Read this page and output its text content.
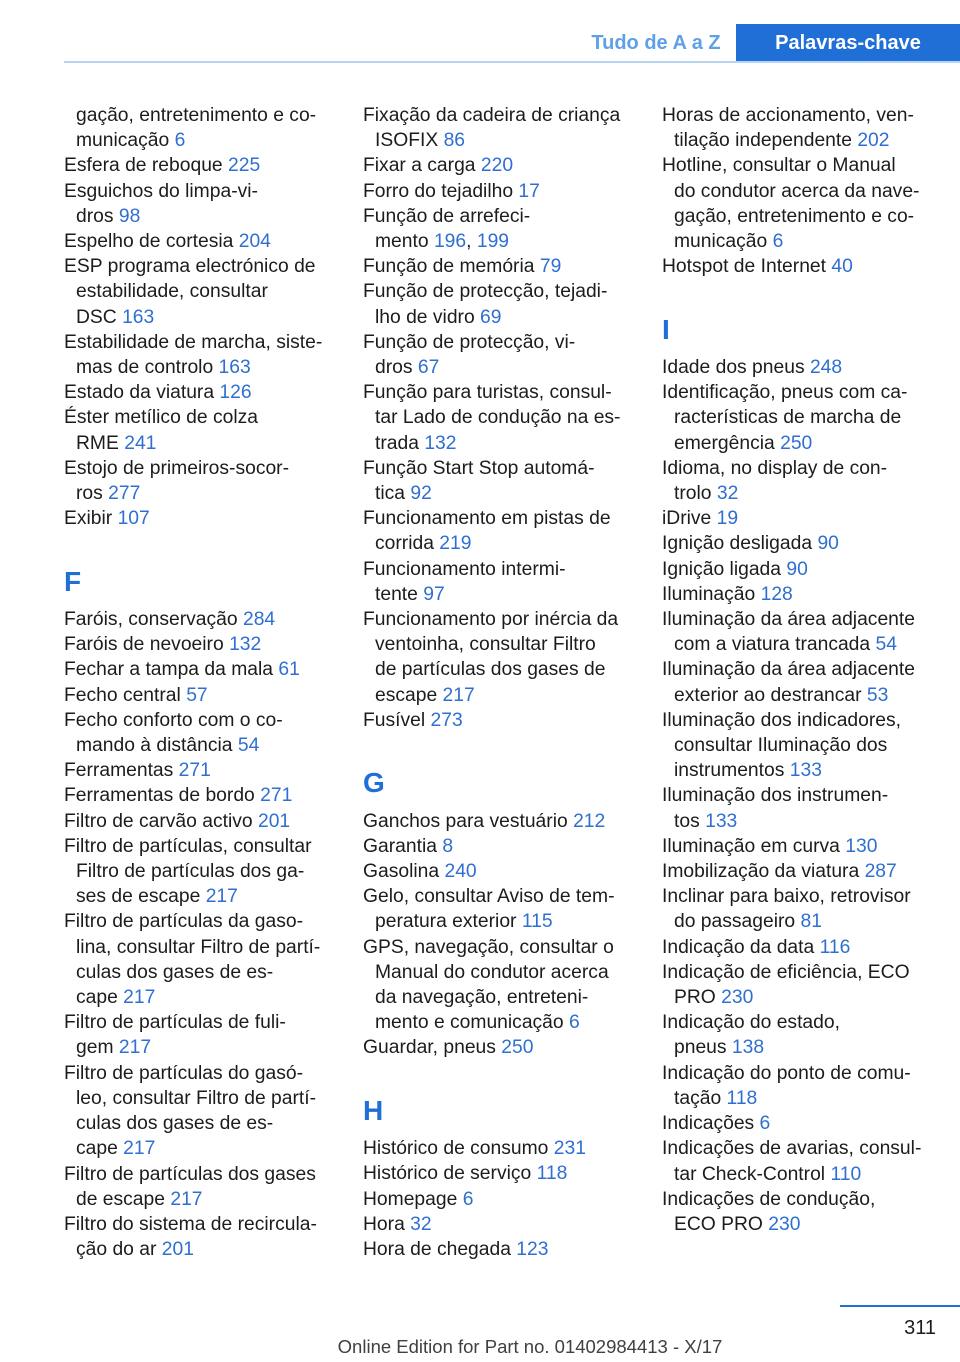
Tudo de A a Z	Palavras-chave

gação, entretenimento e co-
municação 6

Esfera de reboque 225

Esguichos do limpa-vi-
dros 98

Espelho de cortesia 204

ESP programa electrónico de
estabilidade, consultar
DSC 163

Estabilidade de marcha, siste-
mas de controlo 163

Estado da viatura 126

Éster metílico de colza
RME 241

Estojo de primeiros-socor-
ros 277

Exibir 107

F

Faróis, conservação 284

Faróis de nevoeiro 132

Fechar a tampa da mala 61

Fecho central 57

Fecho conforto com o co-
mando à distância 54

Ferramentas 271

Ferramentas de bordo 271

Filtro de carvão activo 201

Filtro de partículas, consultar
Filtro de partículas dos ga-
ses de escape 217

Filtro de partículas da gaso-
lina, consultar Filtro de partí-
culas dos gases de es-
cape 217

Filtro de partículas de fuli-
gem 217

Filtro de partículas do gasó-
leo, consultar Filtro de partí-
culas dos gases de es-
cape 217

Filtro de partículas dos gases
de escape 217

Filtro do sistema de recircula-
ção do ar 201

Fixação da cadeira de criança
ISOFIX 86

Fixar a carga 220

Forro do tejadilho 17

Função de arrefeci-
mento 196, 199

Função de memória 79

Função de protecção, tejadi-
lho de vidro 69

Função de protecção, vi-
dros 67

Função para turistas, consul-
tar Lado de condução na es-
trada 132

Função Start Stop automá-
tica 92

Funcionamento em pistas de
corrida 219

Funcionamento intermi-
tente 97

Funcionamento por inércia da
ventoinha, consultar Filtro
de partículas dos gases de
escape 217

Fusível 273

G

Ganchos para vestuário 212

Garantia 8

Gasolina 240

Gelo, consultar Aviso de tem-
peratura exterior 115

GPS, navegação, consultar o
Manual do condutor acerca
da navegação, entreteni-
mento e comunicação 6

Guardar, pneus 250

H

Histórico de consumo 231

Histórico de serviço 118

Homepage 6

Hora 32

Hora de chegada 123

Horas de accionamento, ven-
tilação independente 202

Hotline, consultar o Manual
do condutor acerca da nave-
gação, entretenimento e co-
municação 6

Hotspot de Internet 40

I

Idade dos pneus 248

Identificação, pneus com ca-
racterísticas de marcha de
emergência 250

Idioma, no display de con-
trolo 32

iDrive 19

Ignição desligada 90

Ignição ligada 90

Iluminação 128

Iluminação da área adjacente
com a viatura trancada 54

Iluminação da área adjacente
exterior ao destrancar 53

Iluminação dos indicadores,
consultar Iluminação dos
instrumentos 133

Iluminação dos instrumen-
tos 133

Iluminação em curva 130

Imobilização da viatura 287

Inclinar para baixo, retrovisor
do passageiro 81

Indicação da data 116

Indicação de eficiência, ECO
PRO 230

Indicação do estado,
pneus 138

Indicação do ponto de comu-
tação 118

Indicações 6

Indicações de avarias, consul-
tar Check-Control 110

Indicações de condução,
ECO PRO 230

311
Online Edition for Part no. 01402984413 - X/17
